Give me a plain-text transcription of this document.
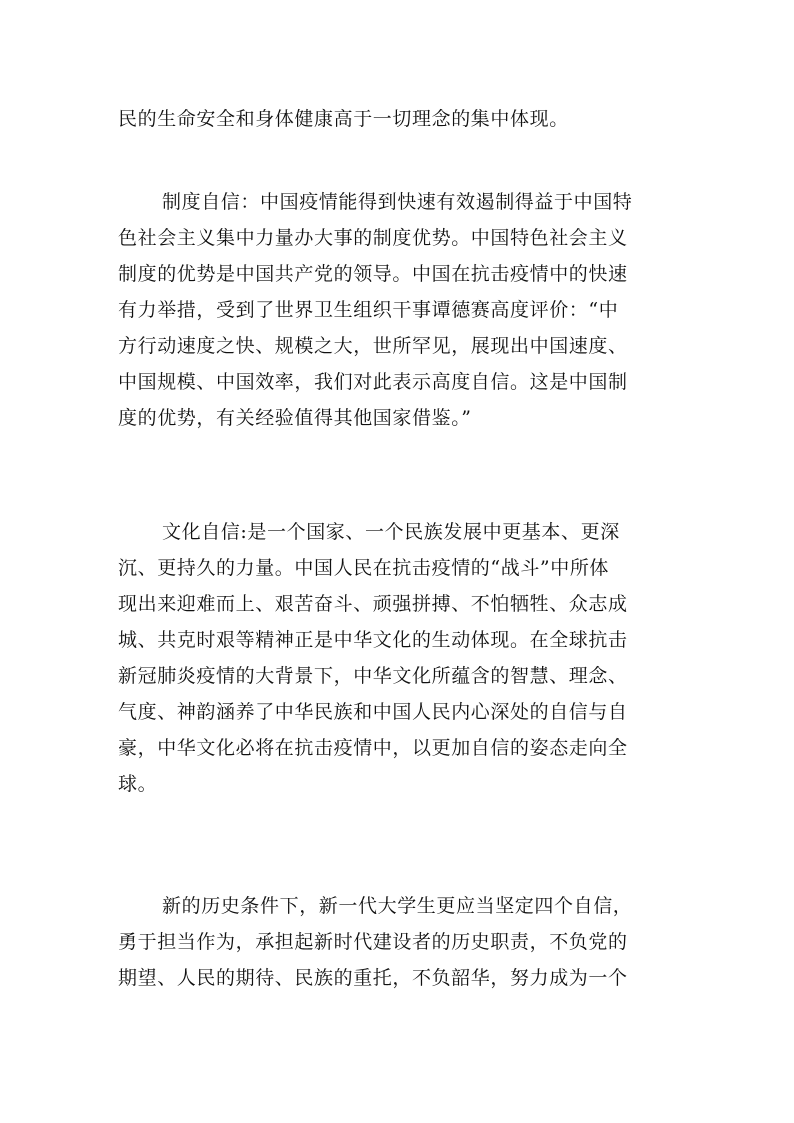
民的生命安全和身体健康高于一切理念的集中体现。
制度自信：中国疫情能得到快速有效遏制得益于中国特
色社会主义集中力量办大事的制度优势。中国特色社会主义
制度的优势是中国共产党的领导。中国在抗击疫情中的快速
有力举措，受到了世界卫生组织干事谭德赛高度评价：“中
方行动速度之快、规模之大，世所罕见，展现出中国速度、
中国规模、中国效率，我们对此表示高度自信。这是中国制
度的优势，有关经验值得其他国家借鉴。”
文化自信:是一个国家、一个民族发展中更基本、更深
沉、更持久的力量。中国人民在抗击疫情的“战斗”中所体
现出来迎难而上、艰苦奋斗、顽强拼搏、不怕牺牲、众志成
城、共克时艰等精神正是中华文化的生动体现。在全球抗击
新冠肺炎疫情的大背景下，中华文化所蕴含的智慧、理念、
气度、神韵涵养了中华民族和中国人民内心深处的自信与自
豪，中华文化必将在抗击疫情中，以更加自信的姿态走向全
球。
新的历史条件下，新一代大学生更应当坚定四个自信，
勇于担当作为，承担起新时代建设者的历史职责，不负党的
期望、人民的期待、民族的重托，不负韶华，努力成为一个
